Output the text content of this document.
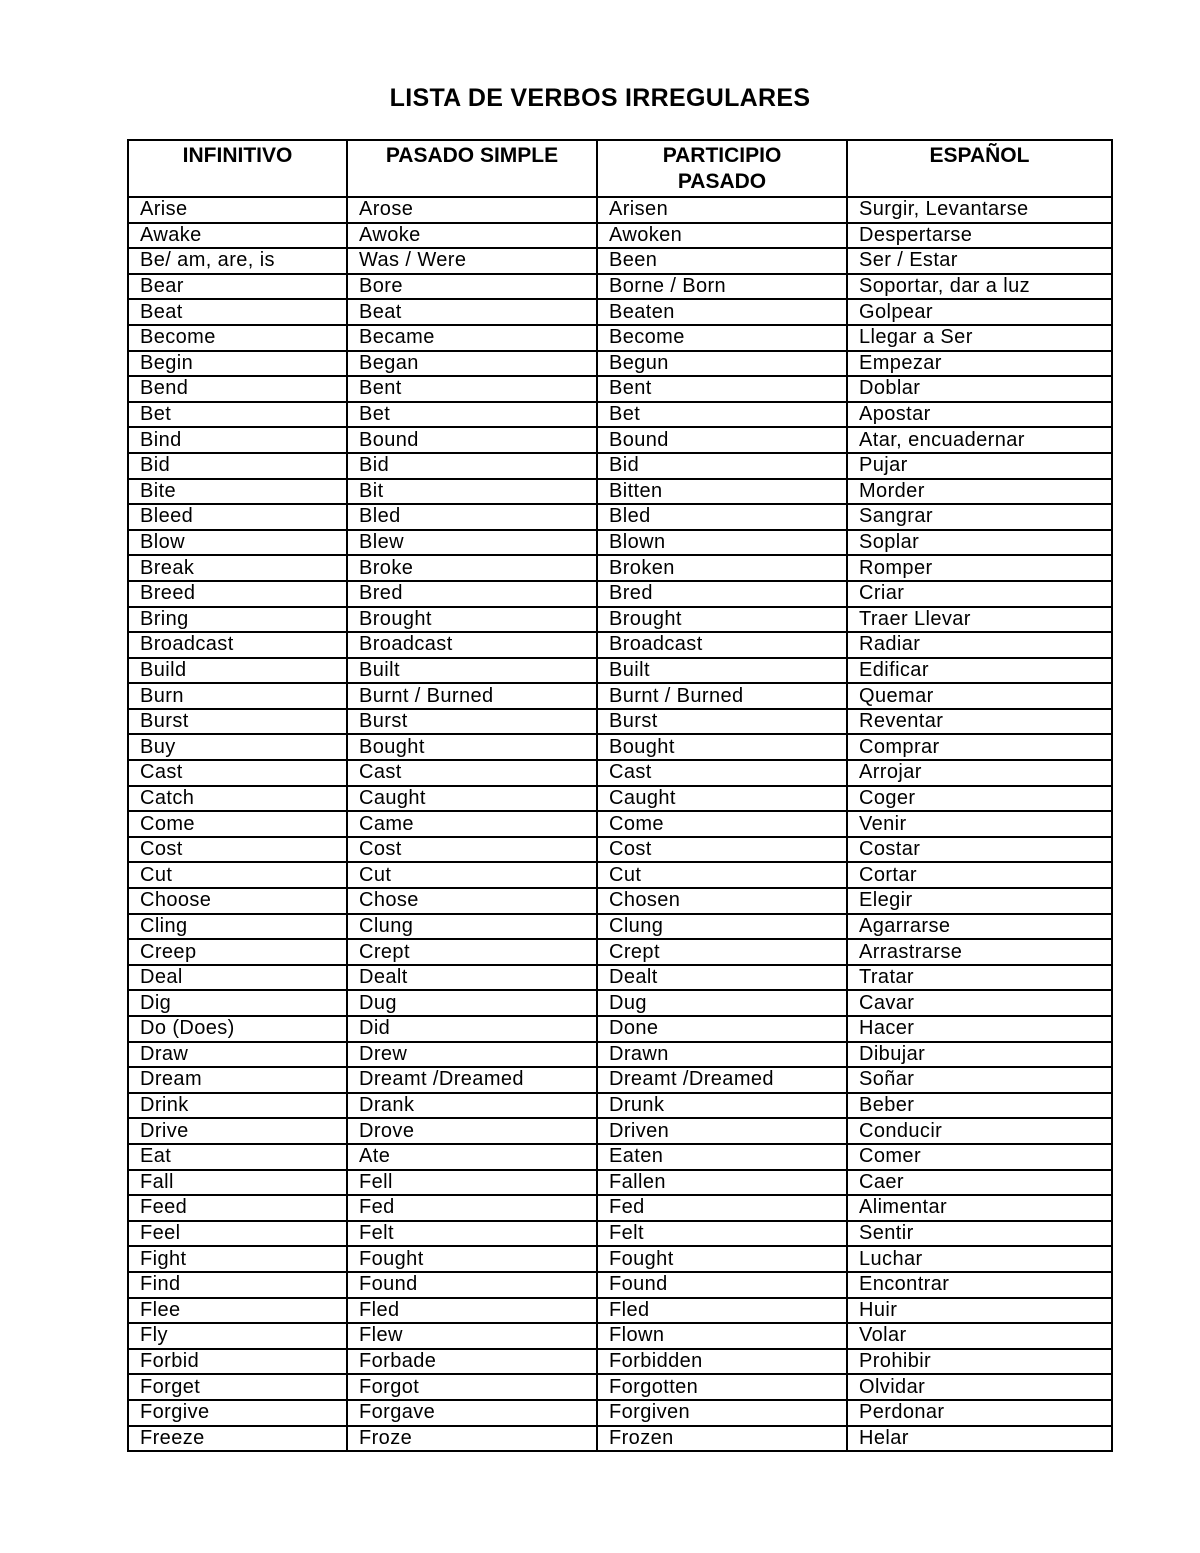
LISTA DE VERBOS IRREGULARES
INFINITIVO	PASADO SIMPLE	PARTICIPIO PASADO	ESPAÑOL
Arise	Arose	Arisen	Surgir, Levantarse
Awake	Awoke	Awoken	Despertarse
Be/ am, are, is	Was / Were	Been	Ser / Estar
Bear	Bore	Borne / Born	Soportar, dar a luz
Beat	Beat	Beaten	Golpear
Become	Became	Become	Llegar a Ser
Begin	Began	Begun	Empezar
Bend	Bent	Bent	Doblar
Bet	Bet	Bet	Apostar
Bind	Bound	Bound	Atar, encuadernar
Bid	Bid	Bid	Pujar
Bite	Bit	Bitten	Morder
Bleed	Bled	Bled	Sangrar
Blow	Blew	Blown	Soplar
Break	Broke	Broken	Romper
Breed	Bred	Bred	Criar
Bring	Brought	Brought	Traer Llevar
Broadcast	Broadcast	Broadcast	Radiar
Build	Built	Built	Edificar
Burn	Burnt / Burned	Burnt / Burned	Quemar
Burst	Burst	Burst	Reventar
Buy	Bought	Bought	Comprar
Cast	Cast	Cast	Arrojar
Catch	Caught	Caught	Coger
Come	Came	Come	Venir
Cost	Cost	Cost	Costar
Cut	Cut	Cut	Cortar
Choose	Chose	Chosen	Elegir
Cling	Clung	Clung	Agarrarse
Creep	Crept	Crept	Arrastrarse
Deal	Dealt	Dealt	Tratar
Dig	Dug	Dug	Cavar
Do (Does)	Did	Done	Hacer
Draw	Drew	Drawn	Dibujar
Dream	Dreamt /Dreamed	Dreamt /Dreamed	Soñar
Drink	Drank	Drunk	Beber
Drive	Drove	Driven	Conducir
Eat	Ate	Eaten	Comer
Fall	Fell	Fallen	Caer
Feed	Fed	Fed	Alimentar
Feel	Felt	Felt	Sentir
Fight	Fought	Fought	Luchar
Find	Found	Found	Encontrar
Flee	Fled	Fled	Huir
Fly	Flew	Flown	Volar
Forbid	Forbade	Forbidden	Prohibir
Forget	Forgot	Forgotten	Olvidar
Forgive	Forgave	Forgiven	Perdonar
Freeze	Froze	Frozen	Helar
